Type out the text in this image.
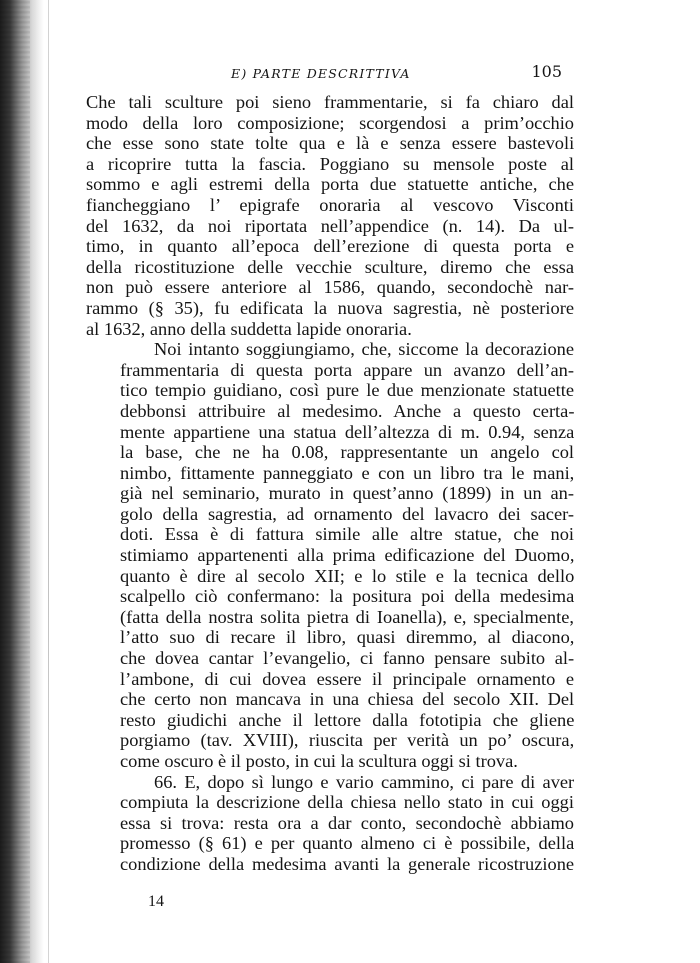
E) PARTE DESCRITTIVA	105

Che tali sculture poi sieno frammentarie, si fa chiaro dal
modo della loro composizione; scorgendosi a prim’occhio
che esse sono state tolte qua e là e senza essere bastevoli
a ricoprire tutta la fascia. Poggiano su mensole poste al
sommo e agli estremi della porta due statuette antiche, che
fiancheggiano l’ epigrafe onoraria al vescovo Visconti
del 1632, da noi riportata nell’appendice (n. 14). Da ul-
timo, in quanto all’epoca dell’erezione di questa porta e
della ricostituzione delle vecchie sculture, diremo che essa
non può essere anteriore al 1586, quando, secondochè nar-
rammo (§ 35), fu edificata la nuova sagrestia, nè posteriore
al 1632, anno della suddetta lapide onoraria.

Noi intanto soggiungiamo, che, siccome la decorazione
frammentaria di questa porta appare un avanzo dell’an-
tico tempio guidiano, così pure le due menzionate statuette
debbonsi attribuire al medesimo. Anche a questo certa-
mente appartiene una statua dell’altezza di m. 0.94, senza
la base, che ne ha 0.08, rappresentante un angelo col
nimbo, fittamente panneggiato e con un libro tra le mani,
già nel seminario, murato in quest’anno (1899) in un an-
golo della sagrestia, ad ornamento del lavacro dei sacer-
doti. Essa è di fattura simile alle altre statue, che noi
stimiamo appartenenti alla prima edificazione del Duomo,
quanto è dire al secolo XII; e lo stile e la tecnica dello
scalpello ciò confermano: la positura poi della medesima
(fatta della nostra solita pietra di Ioanella), e, specialmente,
l’atto suo di recare il libro, quasi diremmo, al diacono,
che dovea cantar l’evangelio, ci fanno pensare subito al-
l’ambone, di cui dovea essere il principale ornamento e
che certo non mancava in una chiesa del secolo XII. Del
resto giudichi anche il lettore dalla fototipia che gliene
porgiamo (tav. XVIII), riuscita per verità un po’ oscura,
come oscuro è il posto, in cui la scultura oggi si trova.

66. E, dopo sì lungo e vario cammino, ci pare di aver
compiuta la descrizione della chiesa nello stato in cui oggi
essa si trova: resta ora a dar conto, secondochè abbiamo
promesso (§ 61) e per quanto almeno ci è possibile, della
condizione della medesima avanti la generale ricostruzione

14
